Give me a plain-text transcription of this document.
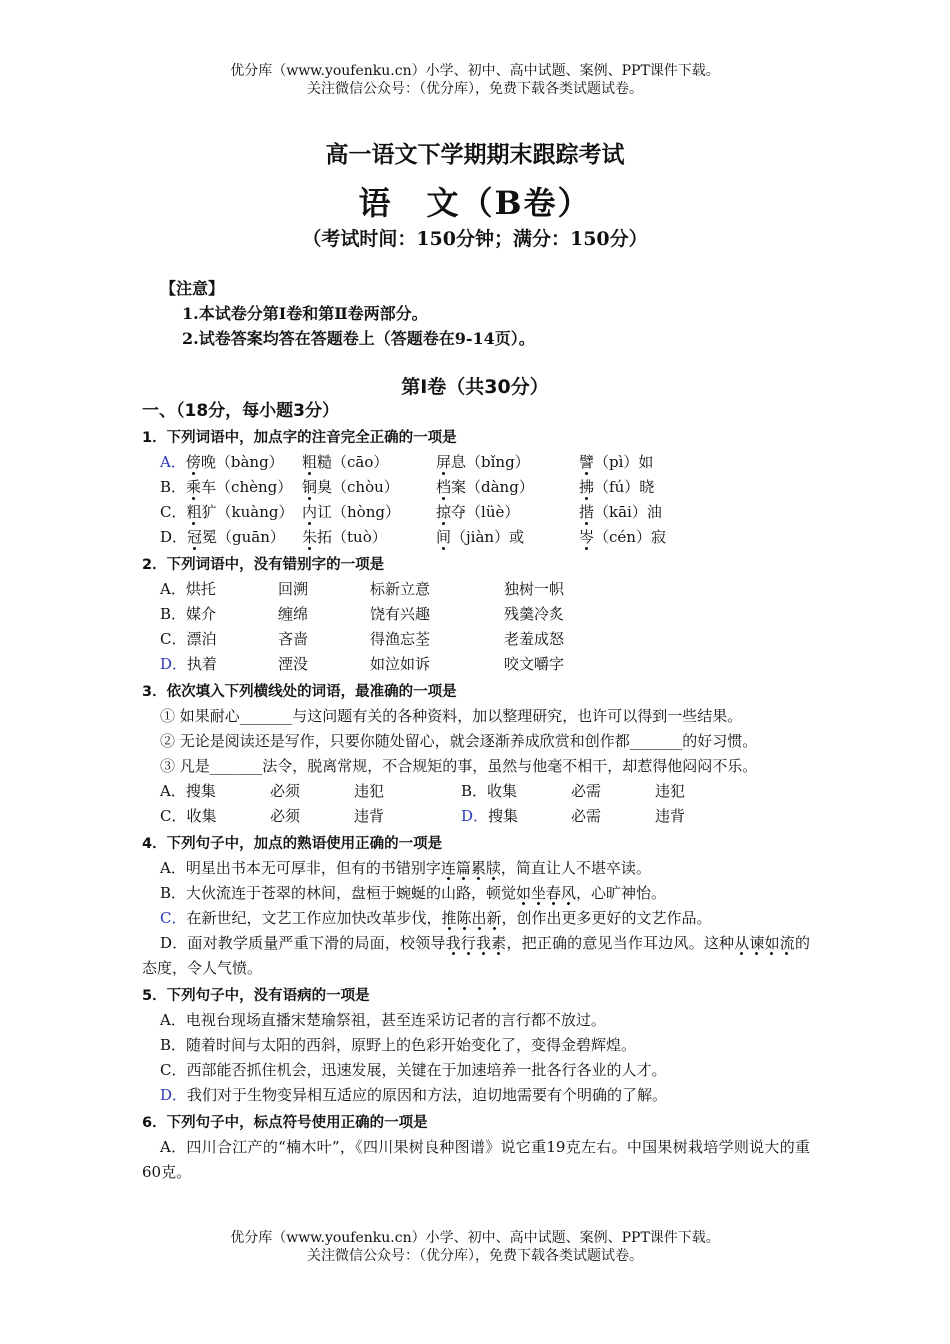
优分库（www.youfenku.cn）小学、初中、高中试题、案例、PPT课件下载。
关注微信公众号：（优分库），免费下载各类试题试卷。
高一语文下学期期末跟踪考试
语　文（B卷）
（考试时间：150分钟；满分：150分）
【注意】
1.本试卷分第Ⅰ卷和第Ⅱ卷两部分。
2.试卷答案均答在答题卷上（答题卷在9-14页）。
第Ⅰ卷（共30分）
一、（18分，每小题3分）
1．下列词语中，加点字的注音完全正确的一项是
A．傍晚（bàng）	粗糙（cāo）	屏息（bǐng）	譬（pì）如
B．乘车（chèng） 铜臭（chòu）	档案（dàng）	拂（fú）晓
C．粗犷（kuàng） 内讧（hòng）	掠夺（lüè）	揩（kāi）油
D．冠冕（guān）	朱拓（tuò）	间（jiàn）或	岑（cén）寂
2．下列词语中，没有错别字的一项是
A．烘托	回溯	标新立意	独树一帜
B．媒介	缠绵	饶有兴趣	残羹冷炙
C．漂泊	吝啬	得渔忘荃	老羞成怒
D．执着	湮没	如泣如诉	咬文嚼字
3．依次填入下列横线处的词语，最准确的一项是
① 如果耐心_______与这问题有关的各种资料，加以整理研究，也许可以得到一些结果。
② 无论是阅读还是写作，只要你随处留心，就会逐渐养成欣赏和创作都_______的好习惯。
③ 凡是_______法令，脱离常规，不合规矩的事，虽然与他毫不相干，却惹得他闷闷不乐。
A．搜集	必须	违犯	B．收集	必需	违犯
C．收集	必须	违背	D．搜集	必需	违背
4．下列句子中，加点的熟语使用正确的一项是
A．明星出书本无可厚非，但有的书错别字连篇累牍，简直让人不堪卒读。
B．大伙流连于苍翠的林间，盘桓于蜿蜒的山路，顿觉如坐春风，心旷神怡。
C．在新世纪，文艺工作应加快改革步伐，推陈出新，创作出更多更好的文艺作品。
D．面对教学质量严重下滑的局面，校领导我行我素，把正确的意见当作耳边风。这种从谏如流的态度，令人气愤。
5．下列句子中，没有语病的一项是
A．电视台现场直播宋楚瑜祭祖，甚至连采访记者的言行都不放过。
B．随着时间与太阳的西斜，原野上的色彩开始变化了，变得金碧辉煌。
C．西部能否抓住机会，迅速发展，关键在于加速培养一批各行各业的人才。
D．我们对于生物变异相互适应的原因和方法，迫切地需要有个明确的了解。
6．下列句子中，标点符号使用正确的一项是
A．四川合江产的“楠木叶”，《四川果树良种图谱》说它重19克左右。中国果树栽培学则说大的重60克。
优分库（www.youfenku.cn）小学、初中、高中试题、案例、PPT课件下载。
关注微信公众号：（优分库），免费下载各类试题试卷。
